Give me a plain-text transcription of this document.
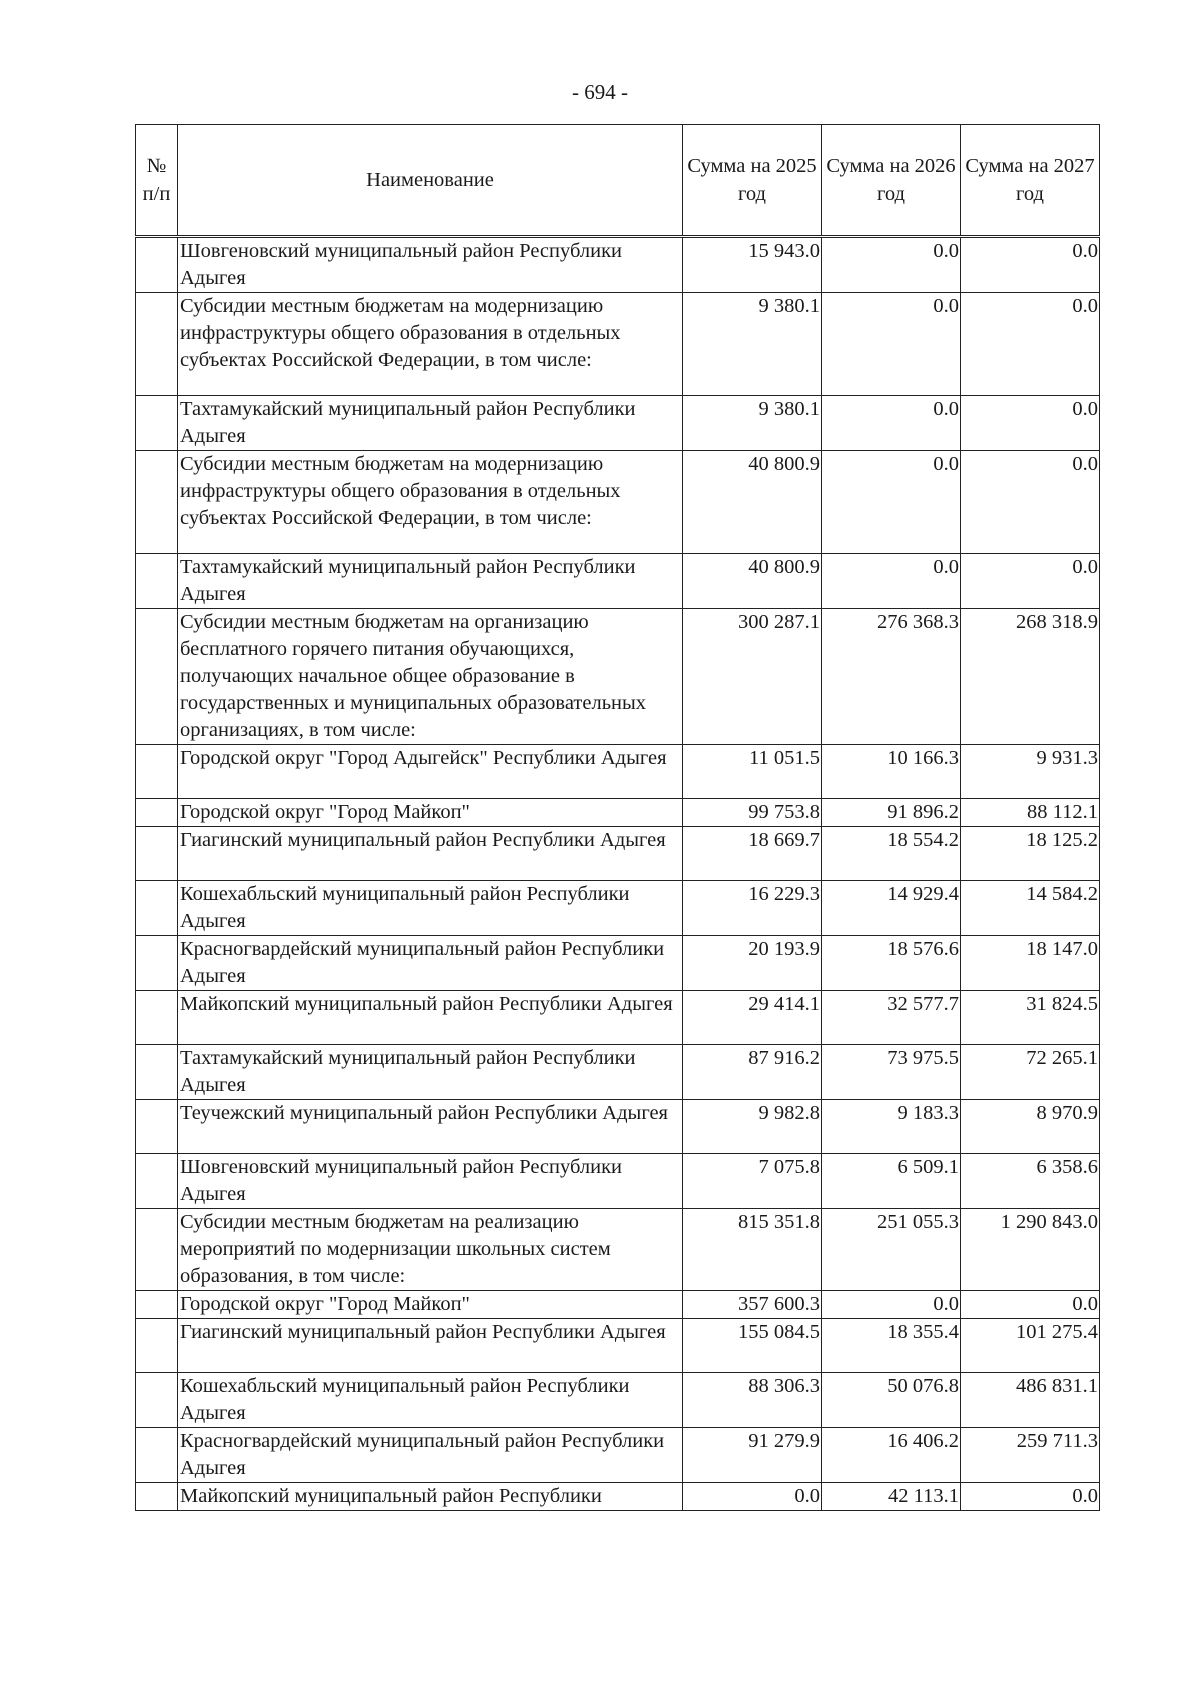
- 694 -
№ п/п	Наименование	Сумма на 2025 год	Сумма на 2026 год	Сумма на 2027 год
	Шовгеновский муниципальный район Республики Адыгея	15 943.0	0.0	0.0
	Субсидии местным бюджетам на модернизацию инфраструктуры общего образования в отдельных субъектах Российской Федерации, в том числе:	9 380.1	0.0	0.0
	Тахтамукайский муниципальный район Республики Адыгея	9 380.1	0.0	0.0
	Субсидии местным бюджетам на модернизацию инфраструктуры общего образования в отдельных субъектах Российской Федерации, в том числе:	40 800.9	0.0	0.0
	Тахтамукайский муниципальный район Республики Адыгея	40 800.9	0.0	0.0
	Субсидии местным бюджетам на организацию бесплатного горячего питания обучающихся, получающих начальное общее образование в государственных и муниципальных образовательных организациях, в том числе:	300 287.1	276 368.3	268 318.9
	Городской округ "Город Адыгейск" Республики Адыгея	11 051.5	10 166.3	9 931.3
	Городской округ "Город Майкоп"	99 753.8	91 896.2	88 112.1
	Гиагинский муниципальный район Республики Адыгея	18 669.7	18 554.2	18 125.2
	Кошехабльский муниципальный район Республики Адыгея	16 229.3	14 929.4	14 584.2
	Красногвардейский муниципальный район Республики Адыгея	20 193.9	18 576.6	18 147.0
	Майкопский муниципальный район Республики Адыгея	29 414.1	32 577.7	31 824.5
	Тахтамукайский муниципальный район Республики Адыгея	87 916.2	73 975.5	72 265.1
	Теучежский муниципальный район Республики Адыгея	9 982.8	9 183.3	8 970.9
	Шовгеновский муниципальный район Республики Адыгея	7 075.8	6 509.1	6 358.6
	Субсидии местным бюджетам на реализацию мероприятий по модернизации школьных систем образования, в том числе:	815 351.8	251 055.3	1 290 843.0
	Городской округ "Город Майкоп"	357 600.3	0.0	0.0
	Гиагинский муниципальный район Республики Адыгея	155 084.5	18 355.4	101 275.4
	Кошехабльский муниципальный район Республики Адыгея	88 306.3	50 076.8	486 831.1
	Красногвардейский муниципальный район Республики Адыгея	91 279.9	16 406.2	259 711.3
	Майкопский муниципальный район Республики	0.0	42 113.1	0.0
